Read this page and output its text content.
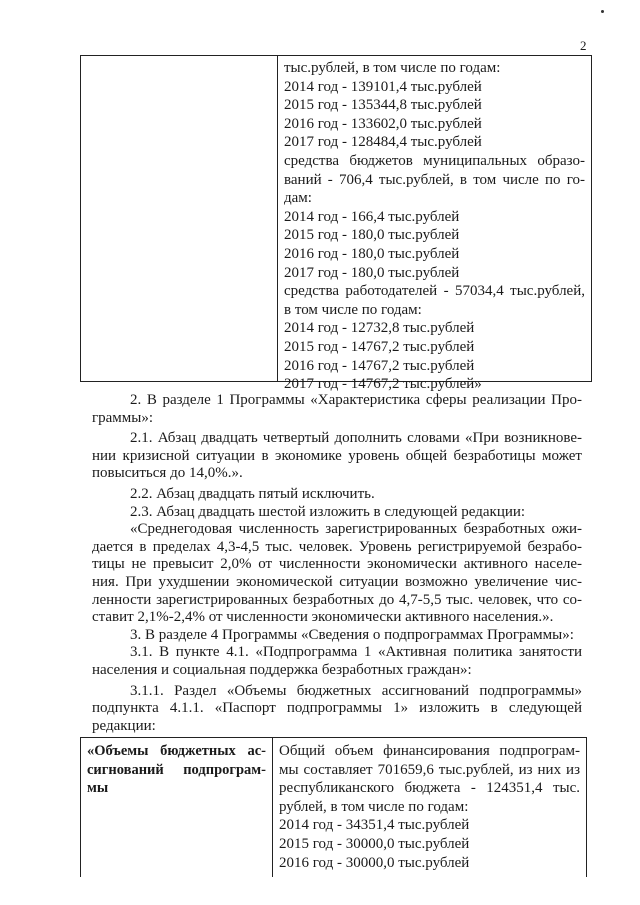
2
тыс.рублей, в том числе по годам:
2014 год - 139101,4 тыс.рублей
2015 год - 135344,8 тыс.рублей
2016 год - 133602,0 тыс.рублей
2017 год - 128484,4 тыс.рублей
средства бюджетов муниципальных образо-
ваний - 706,4 тыс.рублей, в том числе по го-
дам:
2014 год - 166,4 тыс.рублей
2015 год - 180,0 тыс.рублей
2016 год - 180,0 тыс.рублей
2017 год - 180,0 тыс.рублей
средства работодателей - 57034,4 тыс.рублей,
в том числе по годам:
2014 год - 12732,8 тыс.рублей
2015 год - 14767,2 тыс.рублей
2016 год - 14767,2 тыс.рублей
2017 год - 14767,2 тыс.рублей»
2. В разделе 1 Программы «Характеристика сферы реализации Про-
граммы»:
2.1. Абзац двадцать четвертый дополнить словами «При возникнове-
нии кризисной ситуации в экономике уровень общей безработицы может
повыситься до 14,0%.».
2.2. Абзац двадцать пятый исключить.
2.3. Абзац двадцать шестой изложить в следующей редакции:
«Среднегодовая численность зарегистрированных безработных ожи-
дается в пределах 4,3-4,5 тыс. человек. Уровень регистрируемой безрабо-
тицы не превысит 2,0% от численности экономически активного населе-
ния. При ухудшении экономической ситуации возможно увеличение чис-
ленности зарегистрированных безработных до 4,7-5,5 тыс. человек, что со-
ставит 2,1%-2,4% от численности экономически активного населения.».
3. В разделе 4 Программы «Сведения о подпрограммах Программы»:
3.1. В пункте 4.1. «Подпрограмма 1 «Активная политика занятости
населения и социальная поддержка безработных граждан»:
3.1.1. Раздел «Объемы бюджетных ассигнований подпрограммы»
подпункта 4.1.1. «Паспорт подпрограммы 1» изложить в следующей
редакции:
«Объемы бюджетных ас-
сигнований подпрограм-
мы
Общий объем финансирования подпрограм-
мы составляет 701659,6 тыс.рублей, из них из
республиканского бюджета - 124351,4 тыс.
рублей, в том числе по годам:
2014 год - 34351,4 тыс.рублей
2015 год - 30000,0 тыс.рублей
2016 год - 30000,0 тыс.рублей
